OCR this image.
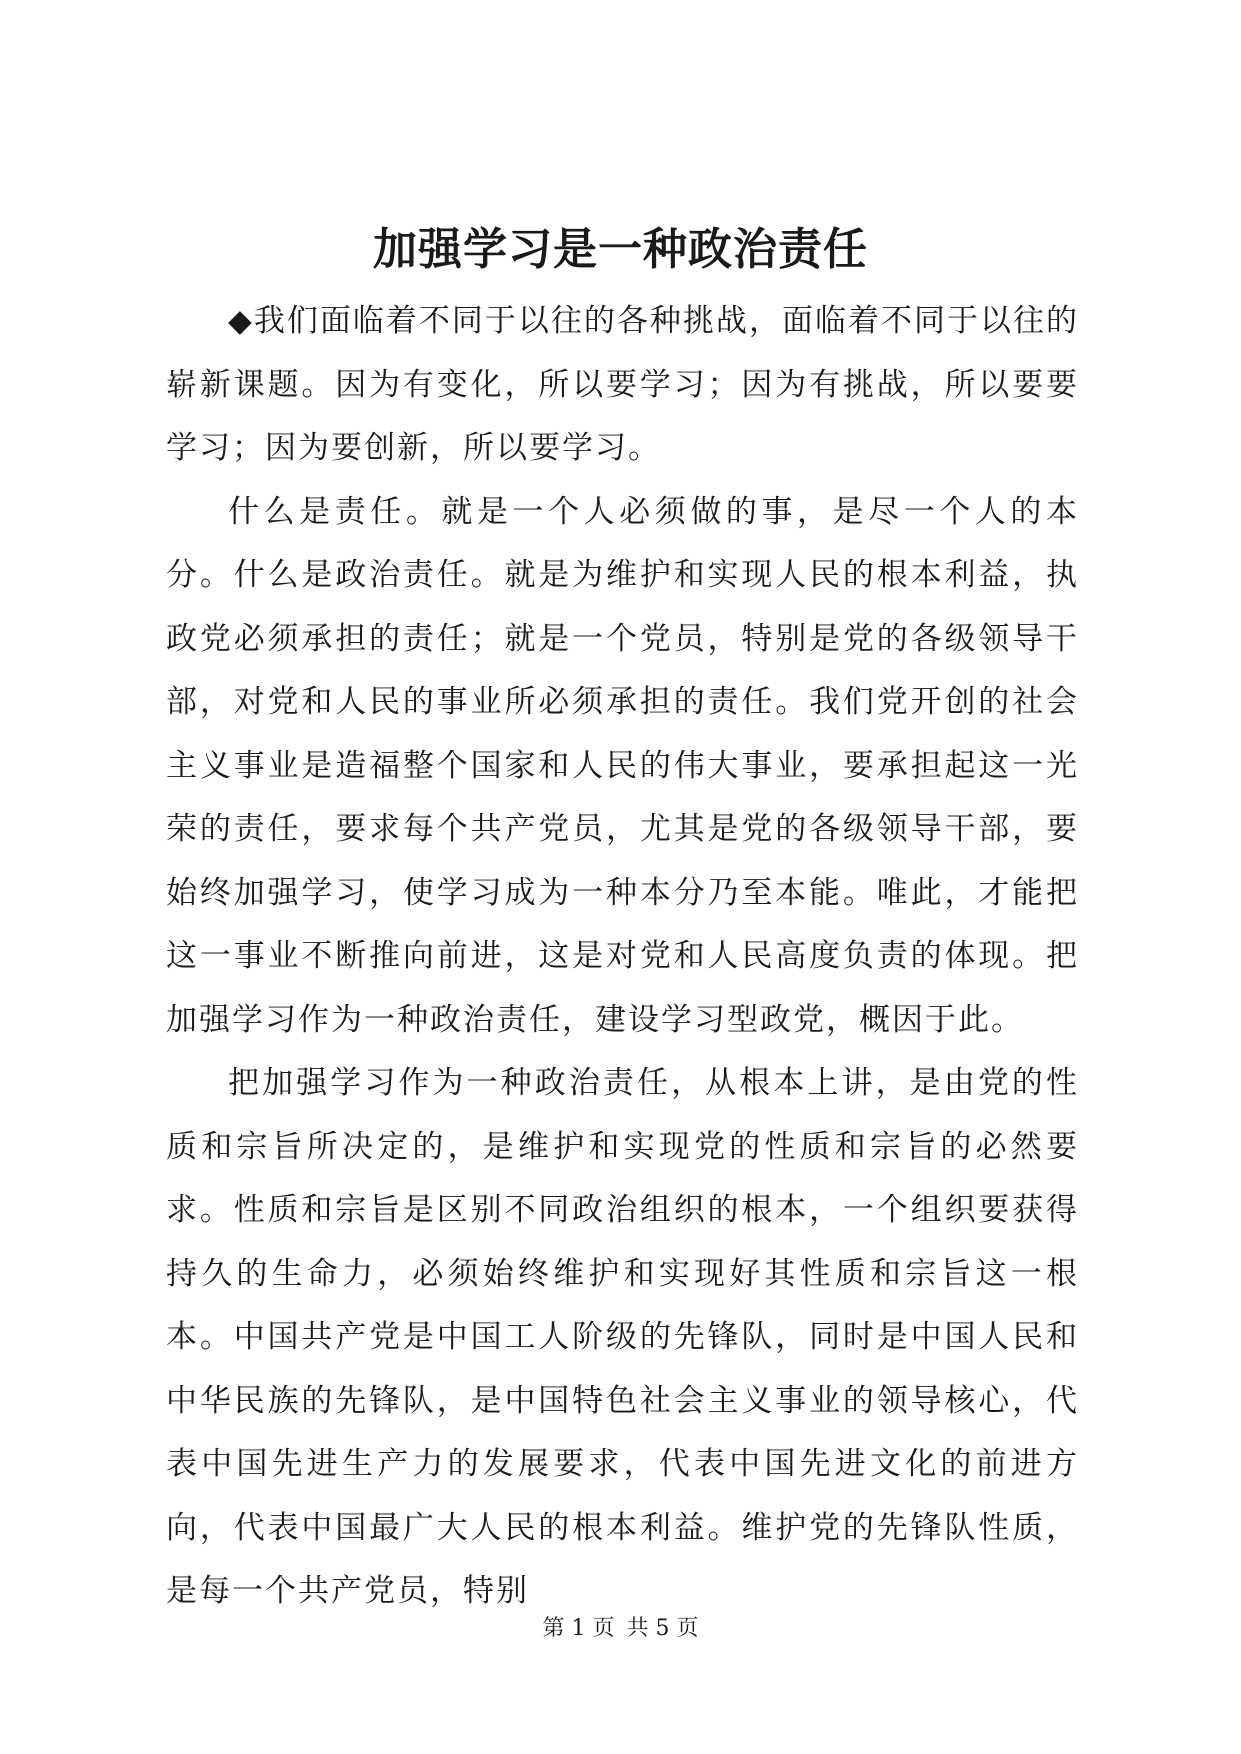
加强学习是一种政治责任

◆我们面临着不同于以往的各种挑战，面临着不同于以往的崭新课题。因为有变化，所以要学习；因为有挑战，所以要要学习；因为要创新，所以要学习。

什么是责任。就是一个人必须做的事，是尽一个人的本分。什么是政治责任。就是为维护和实现人民的根本利益，执政党必须承担的责任；就是一个党员，特别是党的各级领导干部，对党和人民的事业所必须承担的责任。我们党开创的社会主义事业是造福整个国家和人民的伟大事业，要承担起这一光荣的责任，要求每个共产党员，尤其是党的各级领导干部，要始终加强学习，使学习成为一种本分乃至本能。唯此，才能把这一事业不断推向前进，这是对党和人民高度负责的体现。把加强学习作为一种政治责任，建设学习型政党，概因于此。

把加强学习作为一种政治责任，从根本上讲，是由党的性质和宗旨所决定的，是维护和实现党的性质和宗旨的必然要求。性质和宗旨是区别不同政治组织的根本，一个组织要获得持久的生命力，必须始终维护和实现好其性质和宗旨这一根本。中国共产党是中国工人阶级的先锋队，同时是中国人民和中华民族的先锋队，是中国特色社会主义事业的领导核心，代表中国先进生产力的发展要求，代表中国先进文化的前进方向，代表中国最广大人民的根本利益。维护党的先锋队性质，是每一个共产党员，特别

第 1 页 共 5 页
